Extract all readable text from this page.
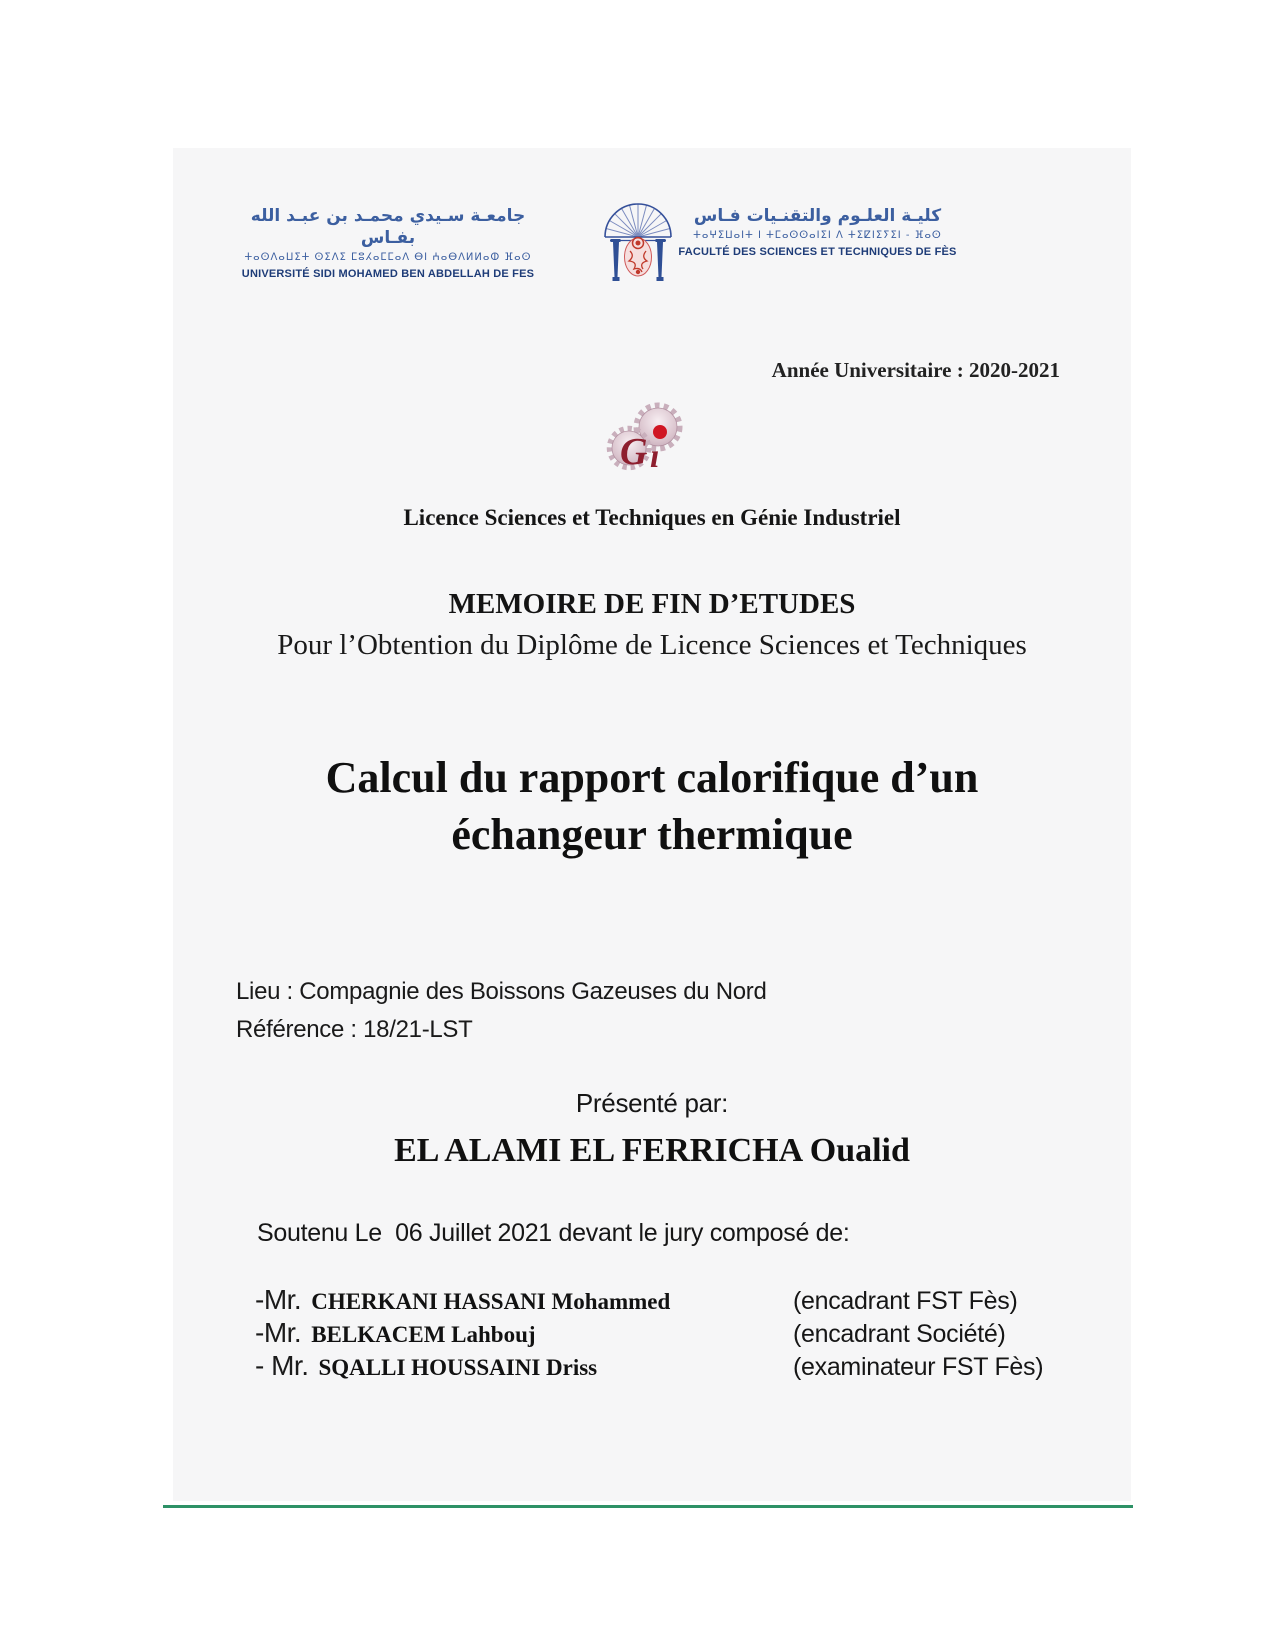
جامعـة سـيدي محمـد بن عبـد الله بفـاس
ⵜⴰⵙⴷⴰⵡⵉⵜ ⵙⵉⴷⵉ ⵎⵓⵃⴰⵎⵎⴰⴷ ⴱⵏ ⵄⴰⴱⴷⵍⵍⴰⵀ ⴼⴰⵙ
UNIVERSITÉ SIDI MOHAMED BEN ABDELLAH DE FES
كليـة العلـوم والتقنـيات فـاس
ⵜⴰⵖⵉⵡⴰⵏⵜ ⵏ ⵜⵎⴰⵙⵙⴰⵏⵉⵏ ⴷ ⵜⵉⵇⵏⵉⵢⵉⵏ - ⴼⴰⵙ
FACULTÉ DES SCIENCES ET TECHNIQUES DE FÈS
Année Universitaire : 2020-2021
G ı
Licence Sciences et Techniques en Génie Industriel
MEMOIRE DE FIN D’ETUDES
Pour l’Obtention du Diplôme de Licence Sciences et Techniques
Calcul du rapport calorifique d’un échangeur thermique
Lieu : Compagnie des Boissons Gazeuses du Nord
Référence : 18/21-LST
Présenté par:
EL ALAMI EL FERRICHA Oualid
Soutenu Le  06 Juillet 2021 devant le jury composé de:
-Mr. CHERKANI HASSANI Mohammed	(encadrant FST Fès)
-Mr. BELKACEM Lahbouj	(encadrant Société)
- Mr. SQALLI HOUSSAINI Driss	(examinateur FST Fès)
